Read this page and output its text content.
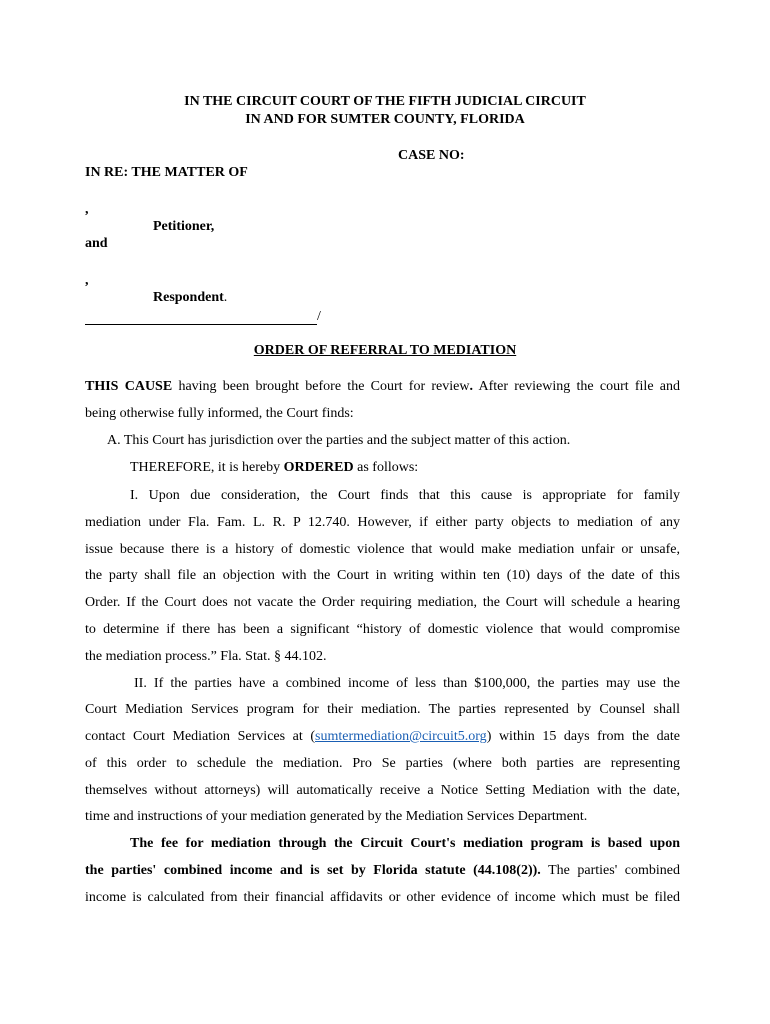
IN THE CIRCUIT COURT OF THE FIFTH JUDICIAL CIRCUIT
IN AND FOR SUMTER COUNTY, FLORIDA
CASE NO:
IN RE: THE MATTER OF
,
Petitioner,
and
,
Respondent.
/
ORDER OF REFERRAL TO MEDIATION
THIS CAUSE having been brought before the Court for review. After reviewing the court file and
being otherwise fully informed, the Court finds:
A. This Court has jurisdiction over the parties and the subject matter of this action.
THEREFORE, it is hereby ORDERED as follows:
I. Upon due consideration, the Court finds that this cause is appropriate for family
mediation under Fla. Fam. L. R. P 12.740. However, if either party objects to mediation of any
issue because there is a history of domestic violence that would make mediation unfair or unsafe,
the party shall file an objection with the Court in writing within ten (10) days of the date of this
Order. If the Court does not vacate the Order requiring mediation, the Court will schedule a hearing
to determine if there has been a significant “history of domestic violence that would compromise
the mediation process.” Fla. Stat. § 44.102.
II. If the parties have a combined income of less than $100,000, the parties may use the
Court Mediation Services program for their mediation. The parties represented by Counsel shall
contact Court Mediation Services at (sumtermediation@circuit5.org) within 15 days from the date
of this order to schedule the mediation. Pro Se parties (where both parties are representing
themselves without attorneys) will automatically receive a Notice Setting Mediation with the date,
time and instructions of your mediation generated by the Mediation Services Department.
The fee for mediation through the Circuit Court's mediation program is based upon
the parties' combined income and is set by Florida statute (44.108(2)). The parties' combined
income is calculated from their financial affidavits or other evidence of income which must be filed
